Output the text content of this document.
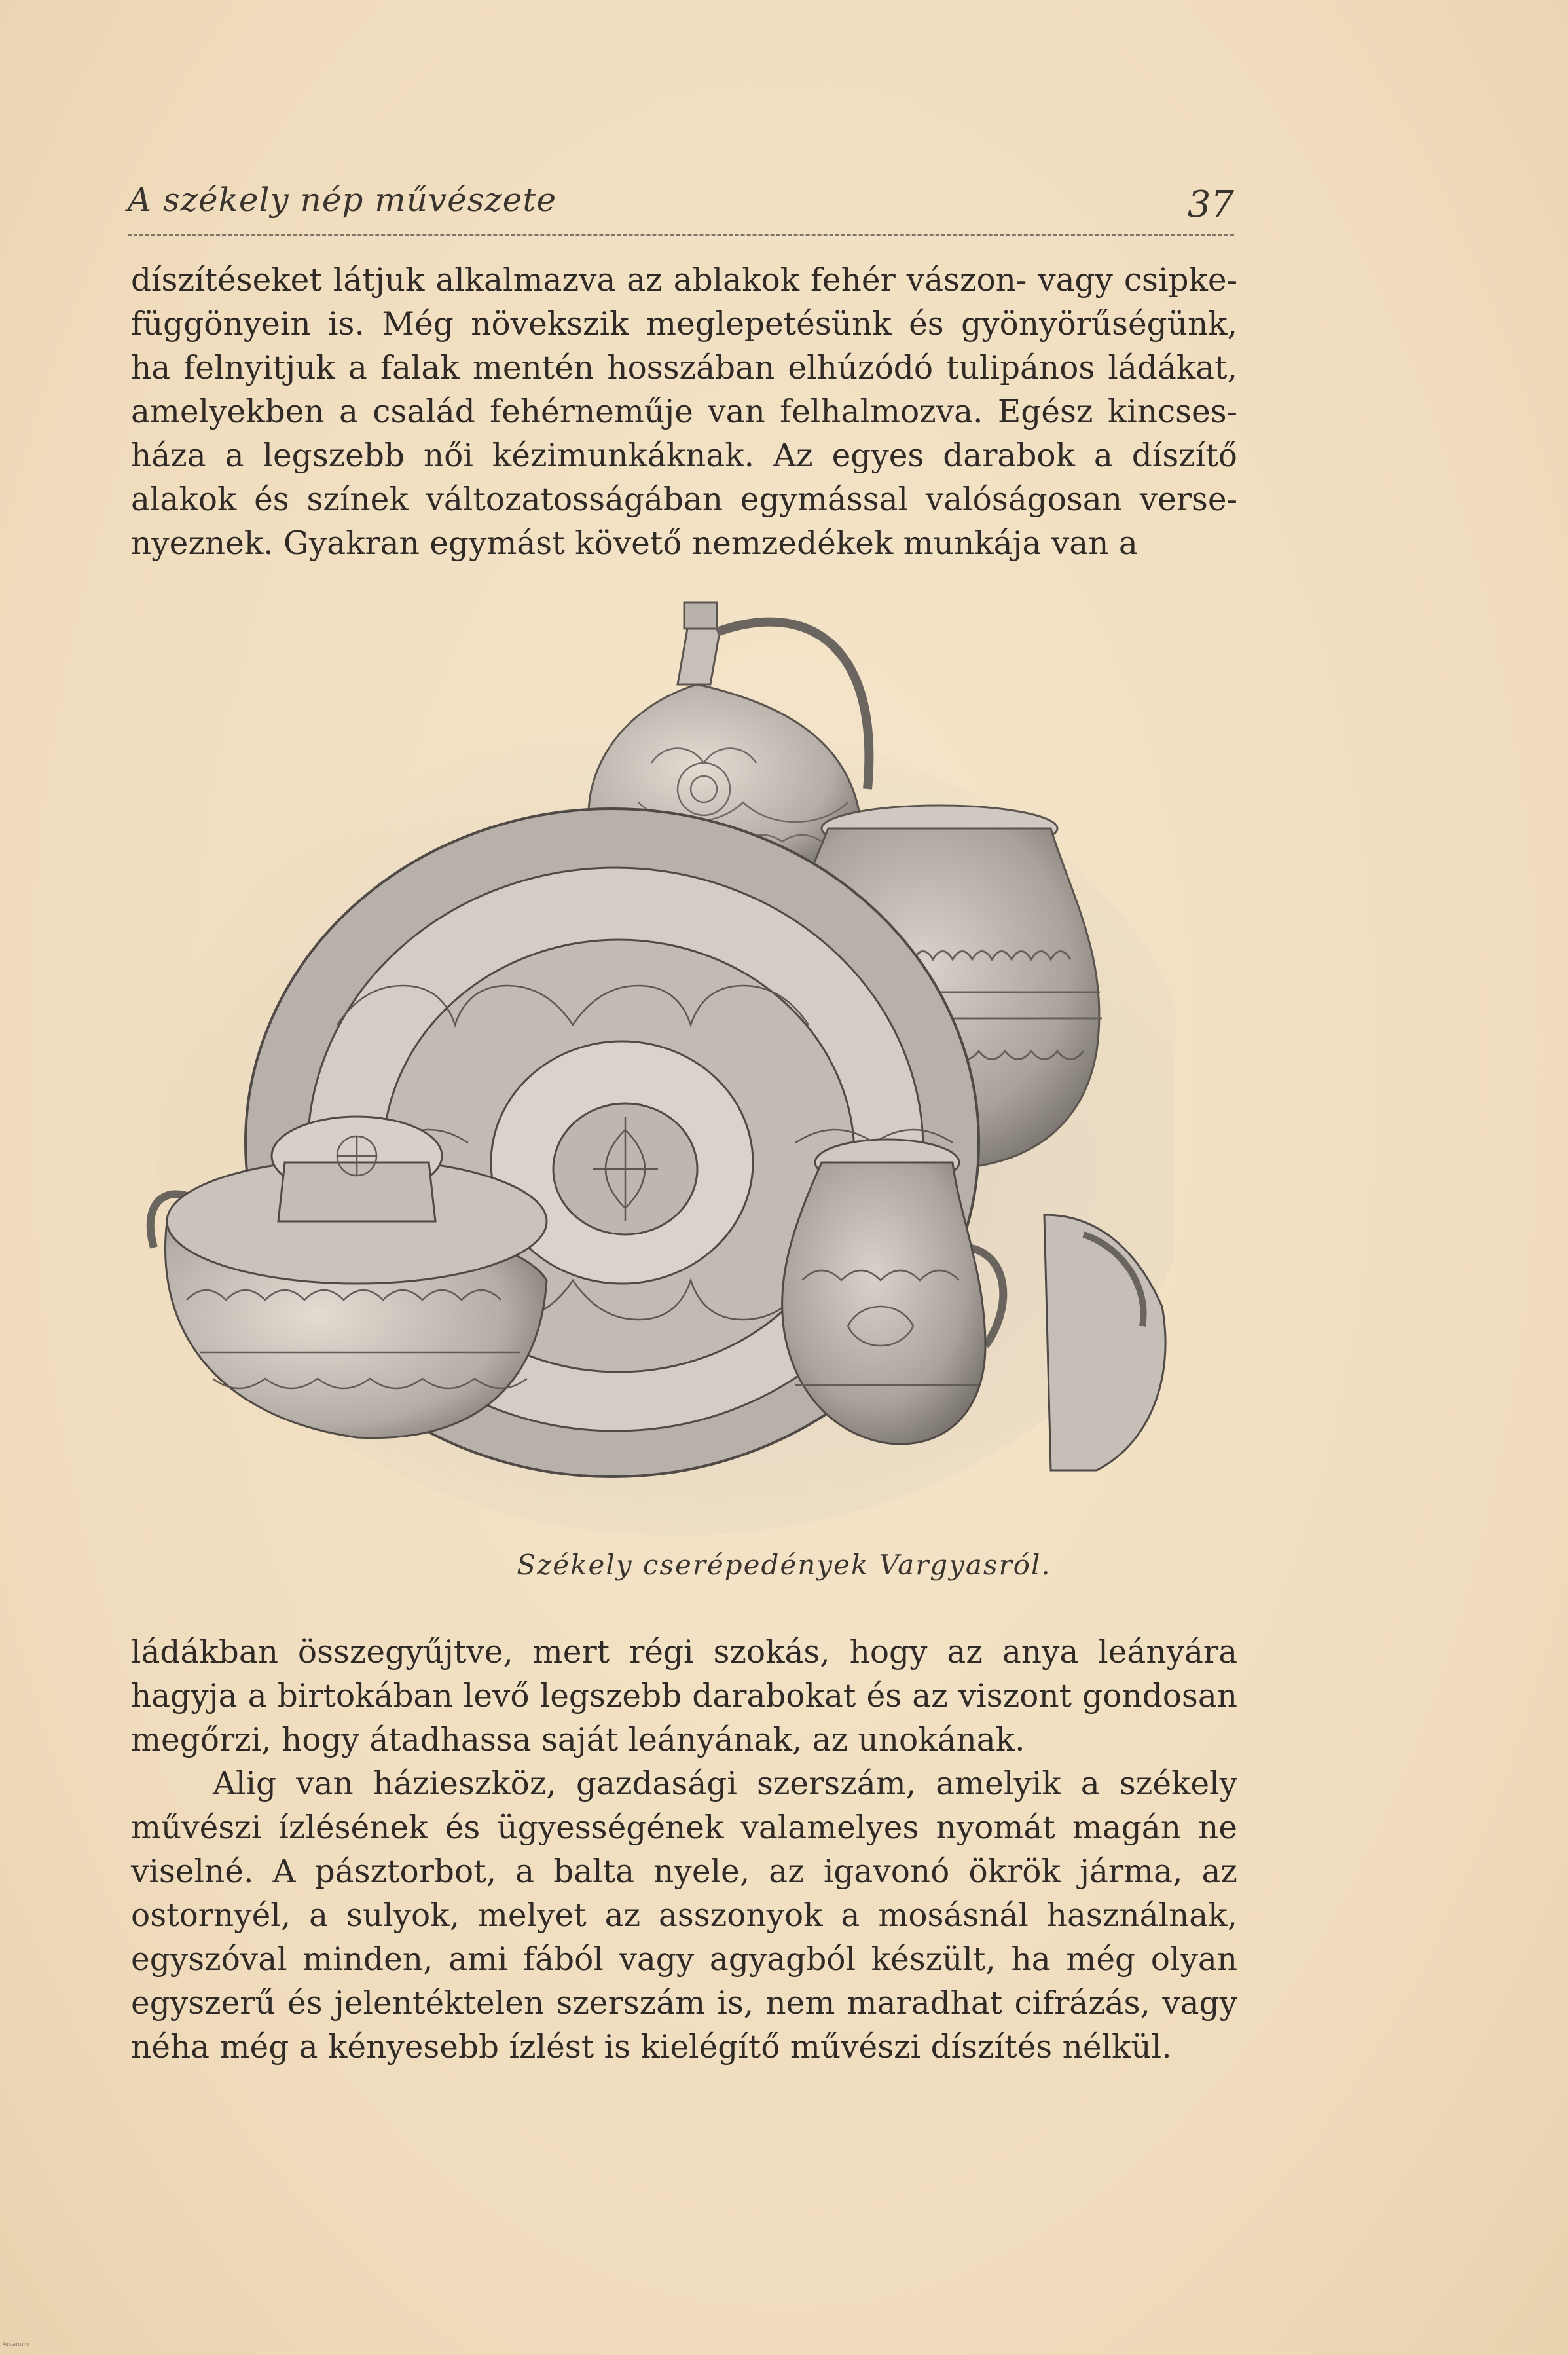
A székely nép művészete	37
díszítéseket látjuk alkalmazva az ablakok fehér vászon- vagy csipke-függönyein is. Még növekszik meglepetésünk és gyönyörűségünk, ha felnyitjuk a falak mentén hosszában elhúzódó tulipános ládákat, amelyekben a család fehérneműje van felhalmozva. Egész kincses-háza a legszebb női kézimunkáknak. Az egyes darabok a díszítő alakok és színek változatosságában egymással valóságosan verse-nyeznek. Gyakran egymást követő nemzedékek munkája van a
Székely cserépedények Vargyasról.

ládákban összegyűjtve, mert régi szokás, hogy az anya leányára hagyja a birtokában levő legszebb darabokat és az viszont gondosan megőrzi, hogy átadhassa saját leányának, az unokának.

Alig van házieszköz, gazdasági szerszám, amelyik a székely művészi ízlésének és ügyességének valamelyes nyomát magán ne viselné. A pásztorbot, a balta nyele, az igavonó ökrök járma, az ostornyél, a sulyok, melyet az asszonyok a mosásnál használnak, egyszóval minden, ami fából vagy agyagból készült, ha még olyan egyszerű és jelentéktelen szerszám is, nem maradhat cifrázás, vagy néha még a kényesebb ízlést is kielégítő művészi díszítés nélkül.

Arcanum
